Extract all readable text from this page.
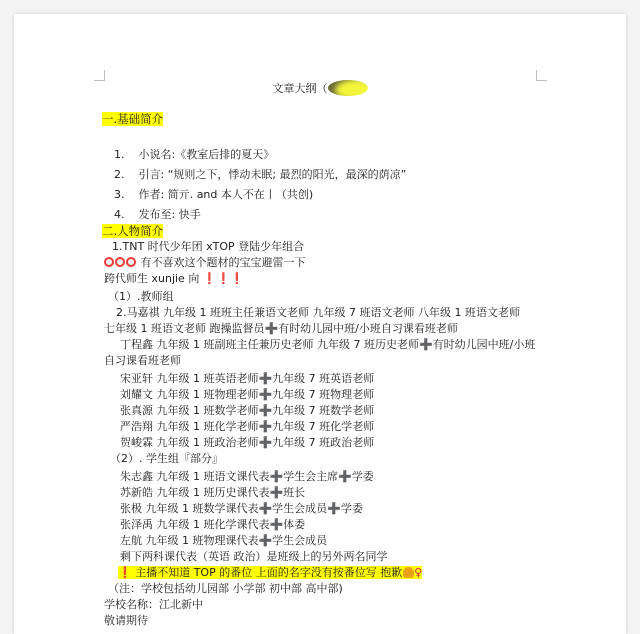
文章大纲（
一.基础简介
1. 小说名:《教室后排的夏天》
2. 引言: “规则之下，悸动未眠; 最烈的阳光，最深的荫凉”
3. 作者: 简亓. and 本人不在丨（共创)
4. 发布至: 快手
二.人物简介
1.TNT 时代少年团 xTOP 登陆少年组合
有不喜欢这个题材的宝宝避雷一下
跨代师生 xunjie 向 ❗❗❗
（1）.教师组
2.马嘉祺 九年级 1 班班主任兼语文老师 九年级 7 班语文老师 八年级 1 班语文老师
七年级 1 班语文老师 跑操监督员➕有时幼儿园中班/小班自习课看班老师
丁程鑫 九年级 1 班副班主任兼历史老师 九年级 7 班历史老师➕有时幼儿园中班/小班
自习课看班老师
宋亚轩 九年级 1 班英语老师➕九年级 7 班英语老师
刘耀文 九年级 1 班物理老师➕九年级 7 班物理老师
张真源 九年级 1 班数学老师➕九年级 7 班数学老师
严浩翔 九年级 1 班化学老师➕九年级 7 班化学老师
贺峻霖 九年级 1 班政治老师➕九年级 7 班政治老师
（2）. 学生组『部分』
朱志鑫 九年级 1 班语文课代表➕学生会主席➕学委
苏新皓 九年级 1 班历史课代表➕班长
张极 九年级 1 班数学课代表➕学生会成员➕学委
张泽禹 九年级 1 班化学课代表➕体委
左航 九年级 1 班物理课代表➕学生会成员
剩下两科课代表（英语 政治）是班级上的另外两名同学
❗ 主播不知道 TOP 的番位 上面的名字没有按番位写 抱歉 ♀
（注：学校包括幼儿园部 小学部 初中部 高中部)
学校名称：江北新中
敬请期待
